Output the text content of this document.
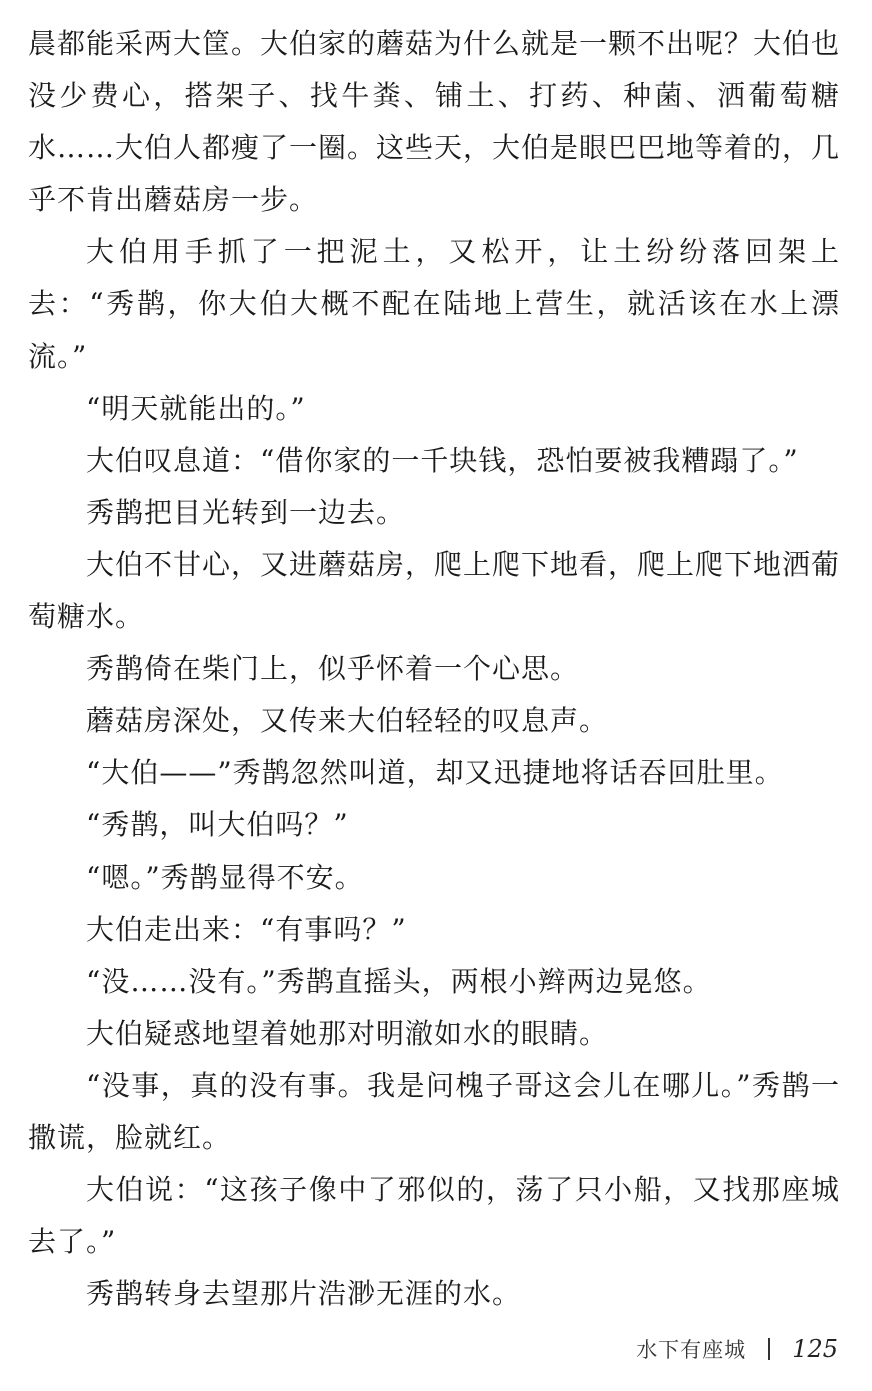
晨都能采两大筐。大伯家的蘑菇为什么就是一颗不出呢？大伯也没少费心，搭架子、找牛粪、铺土、打药、种菌、洒葡萄糖水……大伯人都瘦了一圈。这些天，大伯是眼巴巴地等着的，几乎不肯出蘑菇房一步。

大伯用手抓了一把泥土，又松开，让土纷纷落回架上去：“秀鹊，你大伯大概不配在陆地上营生，就活该在水上漂流。”

“明天就能出的。”

大伯叹息道：“借你家的一千块钱，恐怕要被我糟蹋了。”

秀鹊把目光转到一边去。

大伯不甘心，又进蘑菇房，爬上爬下地看，爬上爬下地洒葡萄糖水。

秀鹊倚在柴门上，似乎怀着一个心思。

蘑菇房深处，又传来大伯轻轻的叹息声。

“大伯——”秀鹊忽然叫道，却又迅捷地将话吞回肚里。

“秀鹊，叫大伯吗？”

“嗯。”秀鹊显得不安。

大伯走出来：“有事吗？”

“没……没有。”秀鹊直摇头，两根小辫两边晃悠。

大伯疑惑地望着她那对明澈如水的眼睛。

“没事，真的没有事。我是问槐子哥这会儿在哪儿。”秀鹊一撒谎，脸就红。

大伯说：“这孩子像中了邪似的，荡了只小船，又找那座城去了。”

秀鹊转身去望那片浩渺无涯的水。

水下有座城 125
